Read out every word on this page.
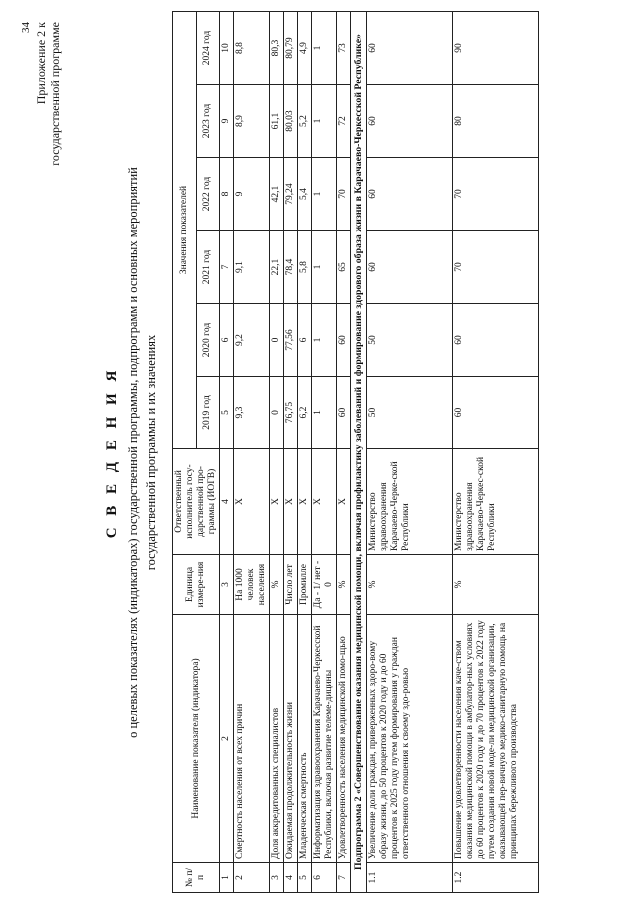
34 Приложение 2 к государственной программе
С В Е Д Е Н И Я о целевых показателях (индикаторах) государственной программы, подпрограмм и основных мероприятий государственной программы и их значениях
№ п/п	Наименование показателя (индикатора)	Единица измере-ния	Ответственный исполнитель госу-дарственной про-граммы (ИОГВ)	Значения показателей					
				2019 год	2020 год	2021 год	2022 год	2023 год	2024 год
1	2	3	4	5	6	7	8	9	10
2	Смертность населения от всех причин	На 1000 человек населения	Х	9,3	9,2	9,1	9	8,9	8,8
3	Доля аккредитованных специалистов	%	Х	0	0	22,1	42,1	61,1	80,3
4	Ожидаемая продолжительность жизни	Число лет	Х	76,75	77,56	78,4	79,24	80,03	80,79
5	Младенческая смертность	Промилле	Х	6,2	6	5,8	5,4	5,2	4,9
6	Информатизация здравоохранения Карачаево-Черкесской Республики, включая развитие телеме-дицины	Да - 1/ нет - 0	Х	1	1	1	1	1	1
7	Удовлетворенность населения медицинской помо-щью	%	Х	60	60	65	70	72	73
Подпрограмма 2 «Совершенствование оказания медицинской помощи, включая профилактику заболеваний и формирование здорового образа жизни в Карачаево-Черкесской Республике»									
1.1	Увеличение доли граждан, приверженных здоро-вому образу жизни, до 50 процентов к 2020 году и до 60 процентов к 2025 году путем формирования у граждан ответственного отношения к своему здо-ровью	%	Министерство здравоохранения Карачаево-Черке-ской Республики	50	50	60	60	60	60
1.2	Повышение удовлетворенности населения каче-ством оказания медицинской помощи в амбулатор-ных условиях до 60 процентов к 2020 году и до 70 процентов к 2022 году путем создания новой моде-ли медицинской организации, оказывающей пер-вичную медико-санитарную помощь на принципах бережливого производства	%	Министерство здравоохранения Карачаево-Черкес-ской Республики	60	60	70	70	80	90
